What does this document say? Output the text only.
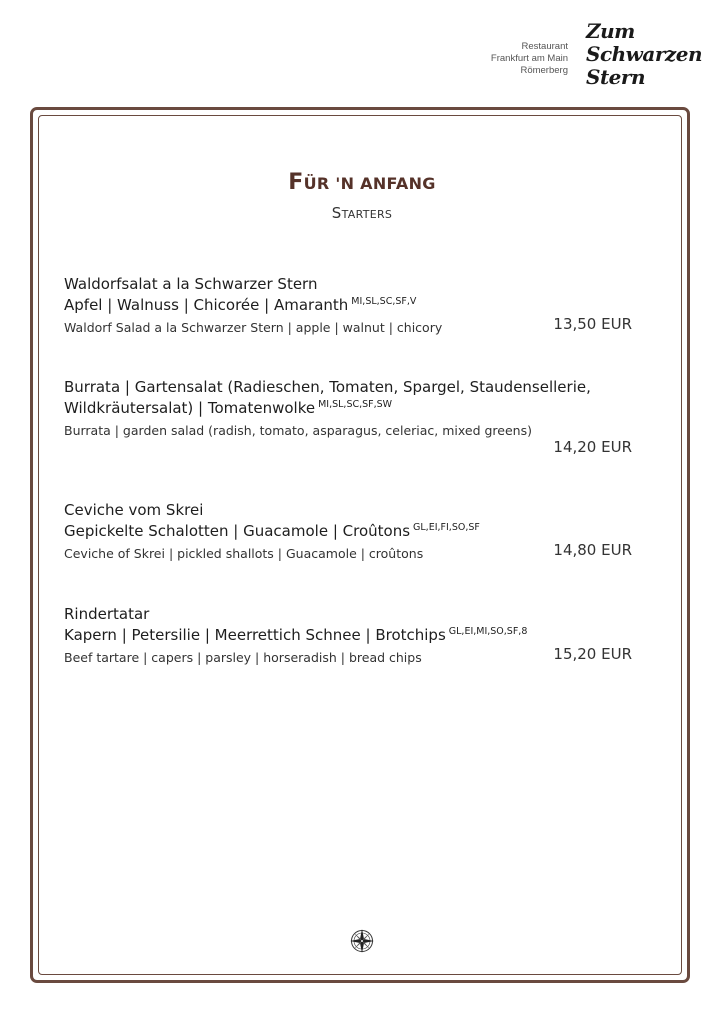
Restaurant
Frankfurt am Main
Römerberg
Zum
Schwarzen
Stern
FÜR 'N ANFANG
Starters
Waldorfsalat a la Schwarzer Stern
Apfel | Walnuss | Chicorée | Amaranth $^{MI,SL,SC,SF,V}$
Waldorf Salad a la Schwarzer Stern | apple | walnut | chicory	13,50 EUR
Burrata | Gartensalat (Radieschen, Tomaten, Spargel, Staudensellerie,
Wildkräutersalat) | Tomatenwolke $^{MI,SL,SC,SF,SW}$
Burrata | garden salad (radish, tomato, asparagus, celeriac, mixed greens)
14,20 EUR
Ceviche vom Skrei
Gepickelte Schalotten | Guacamole | Croûtons $^{GL,EI,FI,SO,SF}$
Ceviche of Skrei | pickled shallots | Guacamole | croûtons	14,80 EUR
Rindertatar
Kapern | Petersilie | Meerrettich Schnee | Brotchips $^{GL,EI,MI,SO,SF,8}$
Beef tartare | capers | parsley | horseradish | bread chips	15,20 EUR
